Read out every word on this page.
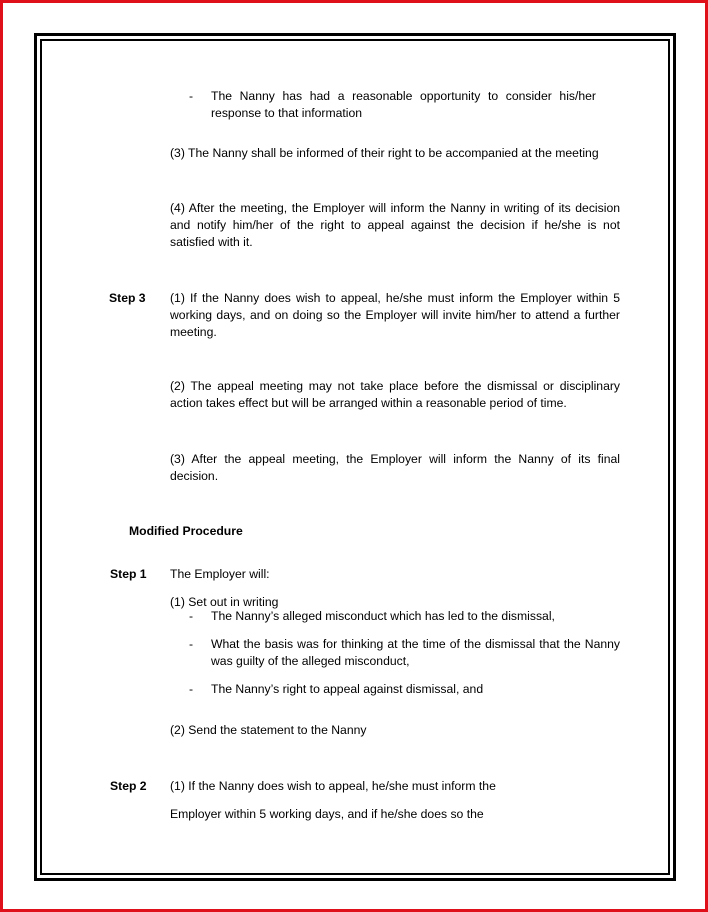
- The Nanny has had a reasonable opportunity to consider his/her response to that information

(3) The Nanny shall be informed of their right to be accompanied at the meeting

(4) After the meeting, the Employer will inform the Nanny in writing of its decision and notify him/her of the right to appeal against the decision if he/she is not satisfied with it.

Step 3 (1) If the Nanny does wish to appeal, he/she must inform the Employer within 5 working days, and on doing so the Employer will invite him/her to attend a further meeting.

(2) The appeal meeting may not take place before the dismissal or disciplinary action takes effect but will be arranged within a reasonable period of time.

(3) After the appeal meeting, the Employer will inform the Nanny of its final decision.

Modified Procedure
Step 1 The Employer will:
(1) Set out in writing
- The Nanny’s alleged misconduct which has led to the dismissal,
- What the basis was for thinking at the time of the dismissal that the Nanny was guilty of the alleged misconduct,

- The Nanny’s right to appeal against dismissal, and
(2) Send the statement to the Nanny
Step 2 (1) If the Nanny does wish to appeal, he/she must inform the
Employer within 5 working days, and if he/she does so the
